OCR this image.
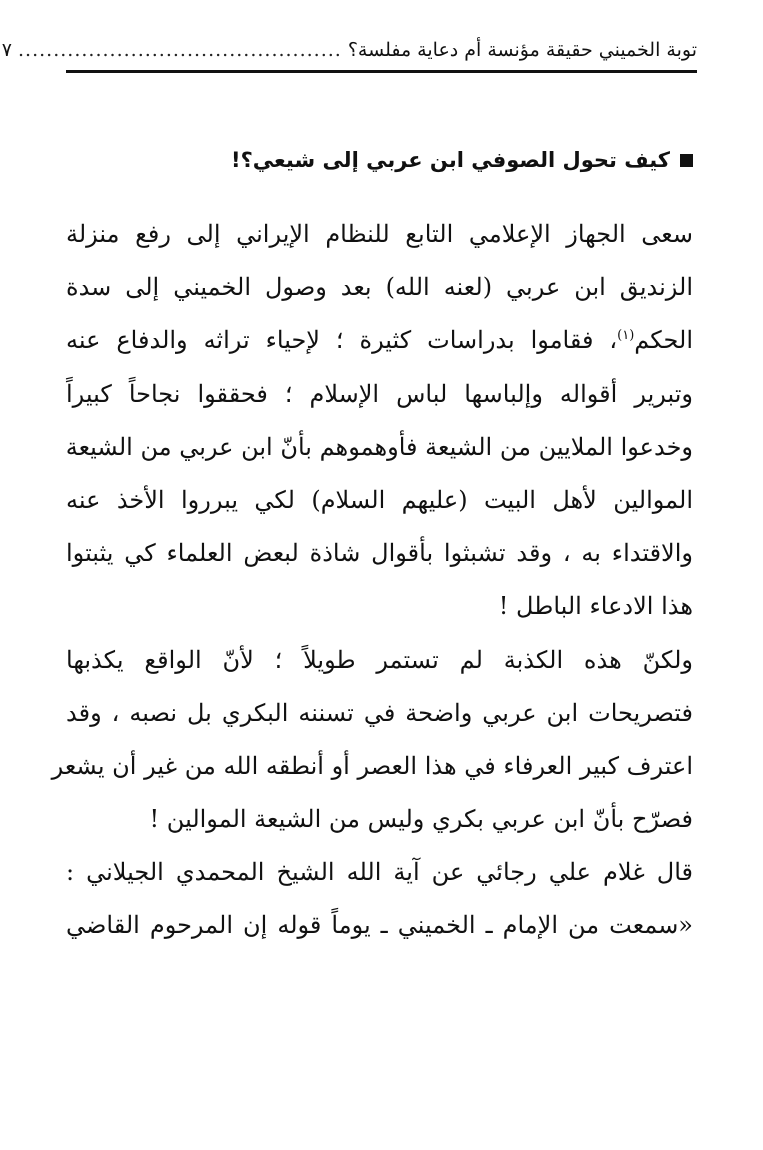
توبة الخميني حقيقة مؤنسة أم دعاية مفلسة؟
..............................................
٧
كيف تحول الصوفي ابن عربي إلى شيعي؟!
سعى الجهاز الإعلامي التابع للنظام الإيراني إلى رفع منزلة
الزنديق ابن عربي (لعنه الله) بعد وصول الخميني إلى سدة
الحكم$^{(١)}$، فقاموا بدراسات كثيرة ؛ لإحياء تراثه والدفاع عنه
وتبرير أقواله وإلباسها لباس الإسلام ؛ فحققوا نجاحاً كبيراً
وخدعوا الملايين من الشيعة فأوهموهم بأنّ ابن عربي من الشيعة
الموالين لأهل البيت (عليهم السلام) لكي يبرروا الأخذ عنه
والاقتداء به ، وقد تشبثوا بأقوال شاذة لبعض العلماء كي يثبتوا
هذا الادعاء الباطل !
ولكنّ هذه الكذبة لم تستمر طويلاً ؛ لأنّ الواقع يكذبها
فتصريحات ابن عربي واضحة في تسننه البكري بل نصبه ، وقد
اعترف كبير العرفاء في هذا العصر أو أنطقه الله من غير أن يشعر
فصرّح بأنّ ابن عربي بكري وليس من الشيعة الموالين !
قال غلام علي رجائي عن آية الله الشيخ المحمدي الجيلاني :
«سمعت من الإمام ـ الخميني ـ يوماً قوله إن المرحوم القاضي
